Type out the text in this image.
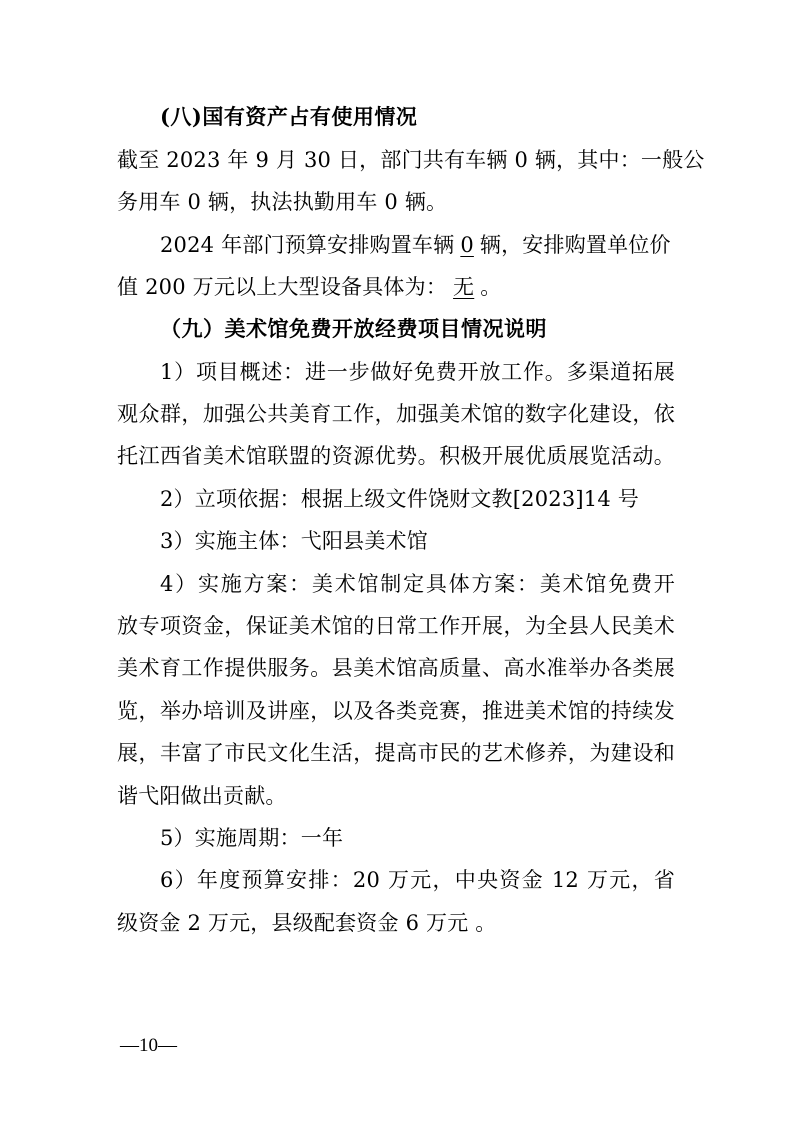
(八)国有资产占有使用情况
截至 2023 年 9 月 30 日，部门共有车辆 0 辆，其中：一般公
务用车 0 辆，执法执勤用车 0 辆。
2024 年部门预算安排购置车辆 0 辆，安排购置单位价
值 200 万元以上大型设备具体为： 无 。
（九）美术馆免费开放经费项目情况说明
1）项目概述：进一步做好免费开放工作。多渠道拓展
观众群，加强公共美育工作，加强美术馆的数字化建设，依
托江西省美术馆联盟的资源优势。积极开展优质展览活动。
2）立项依据：根据上级文件饶财文教[2023]14 号
3）实施主体：弋阳县美术馆
4）实施方案：美术馆制定具体方案：美术馆免费开
放专项资金，保证美术馆的日常工作开展，为全县人民美术
美术育工作提供服务。县美术馆高质量、高水准举办各类展
览，举办培训及讲座，以及各类竞赛，推进美术馆的持续发
展，丰富了市民文化生活，提高市民的艺术修养，为建设和
谐弋阳做出贡献。
5）实施周期：一年
6）年度预算安排：20 万元，中央资金 12 万元，省
级资金 2 万元，县级配套资金 6 万元 。
—10—
